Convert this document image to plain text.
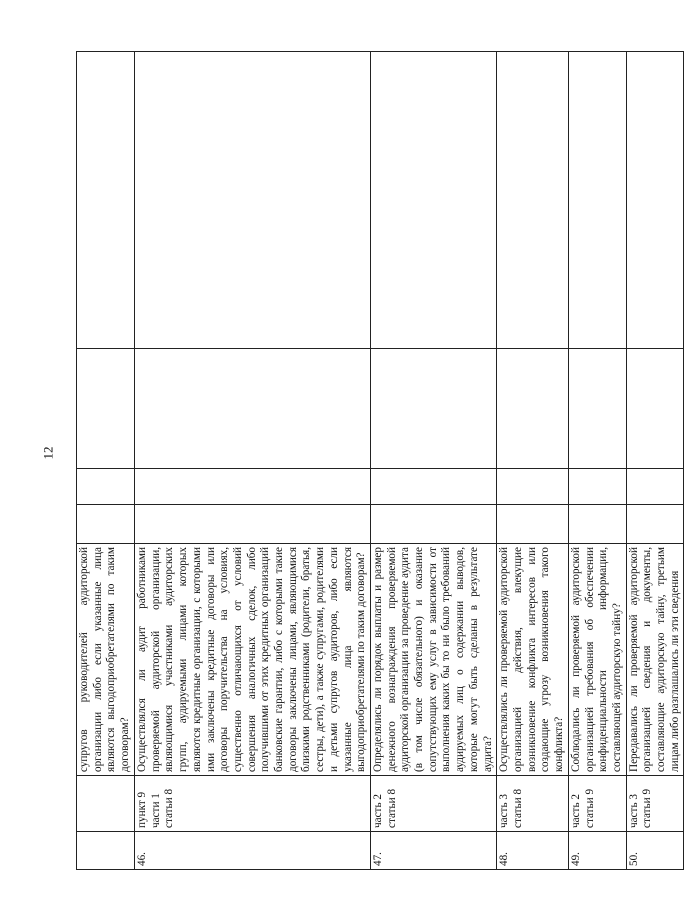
12
		супругов руководителей аудиторской организации либо если указанные лица являются выгодоприобретателями по таким договорам?				
46.	пункт 9 части 1 статьи 8	Осуществлялся ли аудит работниками проверяемой аудиторской организации, являющимися участниками аудиторских групп, аудируемыми лицами которых являются кредитные организации, с которыми ими заключены кредитные договоры или договоры поручительства на условиях, существенно отличающихся от условий совершения аналогичных сделок, либо получившими от этих кредитных организаций банковские гарантии, либо с которыми такие договоры заключены лицами, являющимися близкими родственниками (родители, братья, сестры, дети), а также супругами, родителями и детьми супругов аудиторов, либо если указанные лица являются выгодоприобретателями по таким договорам?				
47.	часть 2 статьи 8	Определялись ли порядок выплаты и размер денежного вознаграждения проверяемой аудиторской организации за проведение аудита (в том числе обязательного) и оказание сопутствующих ему услуг в зависимости от выполнения каких бы то ни было требований аудируемых лиц о содержании выводов, которые могут быть сделаны в результате аудита?				
48.	часть 3 статьи 8	Осуществлялись ли проверяемой аудиторской организацией действия, влекущие возникновение конфликта интересов или создающие угрозу возникновения такого конфликта?				
49.	часть 2 статьи 9	Соблюдались ли проверяемой аудиторской организацией требования об обеспечении конфиденциальности информации, составляющей аудиторскую тайну?				
50.	часть 3 статьи 9	Передавались ли проверяемой аудиторской организацией сведения и документы, составляющие аудиторскую тайну, третьим лицам либо разглашались ли эти сведения				
